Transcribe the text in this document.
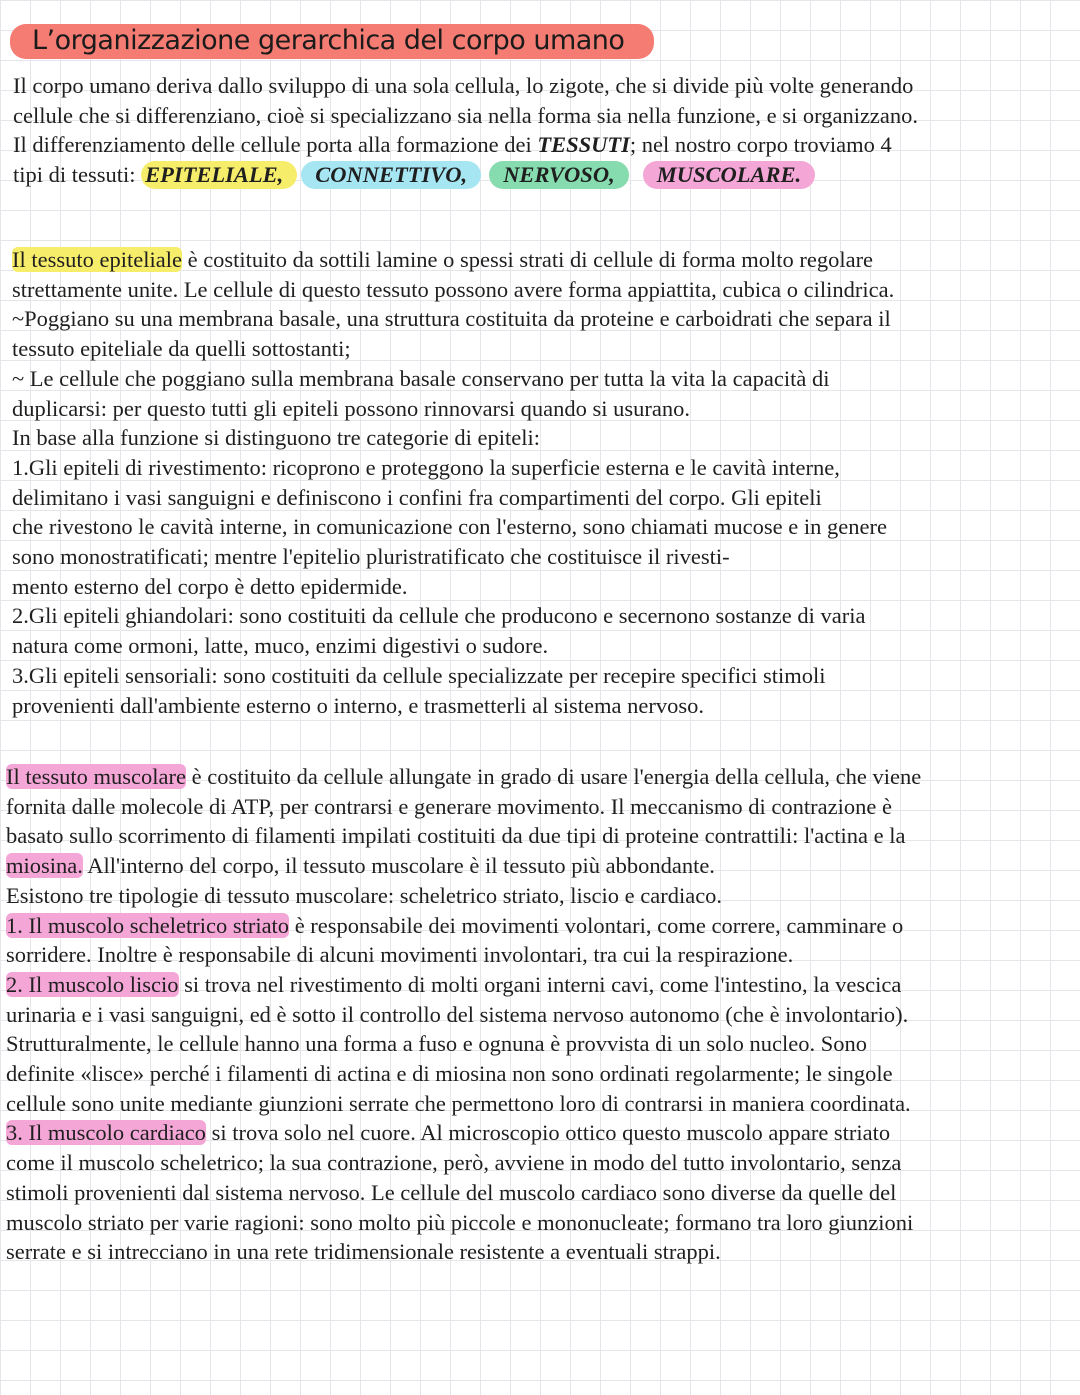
L’organizzazione gerarchica del corpo umano
Il corpo umano deriva dallo sviluppo di una sola cellula, lo zigote, che si divide più volte generando
cellule che si differenziano, cioè si specializzano sia nella forma sia nella funzione, e si organizzano.
Il differenziamento delle cellule porta alla formazione dei TESSUTI; nel nostro corpo troviamo 4
tipi di tessuti: EPITELIALE, CONNETTIVO, NERVOSO, MUSCOLARE.
Il tessuto epiteliale è costituito da sottili lamine o spessi strati di cellule di forma molto regolare
strettamente unite. Le cellule di questo tessuto possono avere forma appiattita, cubica o cilindrica.
~Poggiano su una membrana basale, una struttura costituita da proteine e carboidrati che separa il
tessuto epiteliale da quelli sottostanti;
~ Le cellule che poggiano sulla membrana basale conservano per tutta la vita la capacità di
duplicarsi: per questo tutti gli epiteli possono rinnovarsi quando si usurano.
In base alla funzione si distinguono tre categorie di epiteli:
1.Gli epiteli di rivestimento: ricoprono e proteggono la superficie esterna e le cavità interne,
delimitano i vasi sanguigni e definiscono i confini fra compartimenti del corpo. Gli epiteli
che rivestono le cavità interne, in comunicazione con l'esterno, sono chiamati mucose e in genere
sono monostratificati; mentre l'epitelio pluristratificato che costituisce il rivesti-
mento esterno del corpo è detto epidermide.
2.Gli epiteli ghiandolari: sono costituiti da cellule che producono e secernono sostanze di varia
natura come ormoni, latte, muco, enzimi digestivi o sudore.
3.Gli epiteli sensoriali: sono costituiti da cellule specializzate per recepire specifici stimoli
provenienti dall'ambiente esterno o interno, e trasmetterli al sistema nervoso.
Il tessuto muscolare è costituito da cellule allungate in grado di usare l'energia della cellula, che viene
fornita dalle molecole di ATP, per contrarsi e generare movimento. Il meccanismo di contrazione è
basato sullo scorrimento di filamenti impilati costituiti da due tipi di proteine contrattili: l'actina e la
miosina. All'interno del corpo, il tessuto muscolare è il tessuto più abbondante.
Esistono tre tipologie di tessuto muscolare: scheletrico striato, liscio e cardiaco.
1. Il muscolo scheletrico striato è responsabile dei movimenti volontari, come correre, camminare o
sorridere. Inoltre è responsabile di alcuni movimenti involontari, tra cui la respirazione.
2. Il muscolo liscio si trova nel rivestimento di molti organi interni cavi, come l'intestino, la vescica
urinaria e i vasi sanguigni, ed è sotto il controllo del sistema nervoso autonomo (che è involontario).
Strutturalmente, le cellule hanno una forma a fuso e ognuna è provvista di un solo nucleo. Sono
definite «lisce» perché i filamenti di actina e di miosina non sono ordinati regolarmente; le singole
cellule sono unite mediante giunzioni serrate che permettono loro di contrarsi in maniera coordinata.
3. Il muscolo cardiaco si trova solo nel cuore. Al microscopio ottico questo muscolo appare striato
come il muscolo scheletrico; la sua contrazione, però, avviene in modo del tutto involontario, senza
stimoli provenienti dal sistema nervoso. Le cellule del muscolo cardiaco sono diverse da quelle del
muscolo striato per varie ragioni: sono molto più piccole e mononucleate; formano tra loro giunzioni
serrate e si intrecciano in una rete tridimensionale resistente a eventuali strappi.
